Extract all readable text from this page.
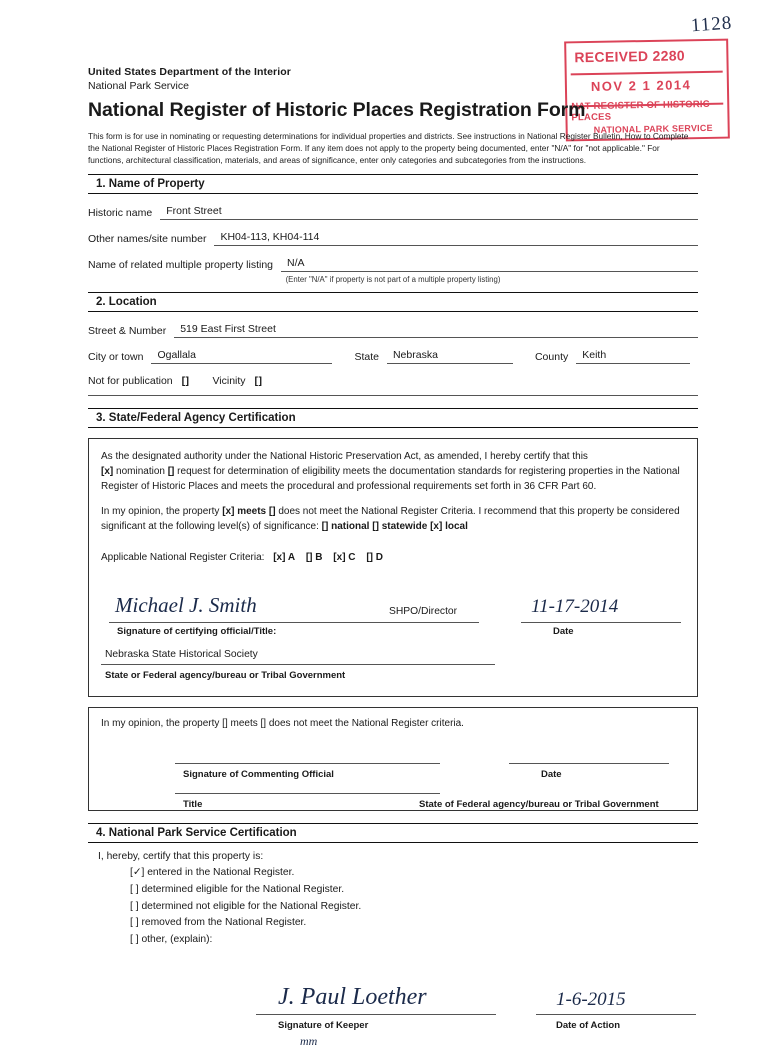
1128
RECEIVED 2280
NOV 2 1 2014
NAT REGISTER OF HISTORIC PLACES
NATIONAL PARK SERVICE
United States Department of the Interior
National Park Service
National Register of Historic Places Registration Form
This form is for use in nominating or requesting determinations for individual properties and districts. See instructions in National Register Bulletin, How to Complete the National Register of Historic Places Registration Form. If any item does not apply to the property being documented, enter "N/A" for "not applicable." For functions, architectural classification, materials, and areas of significance, enter only categories and subcategories from the instructions.
1. Name of Property
Historic name	Front Street
Other names/site number	KH04-113, KH04-114
Name of related multiple property listing	N/A
(Enter "N/A" if property is not part of a multiple property listing)
2. Location
Street & Number	519 East First Street
City or town	Ogallala	State	Nebraska	County	Keith
Not for publication [] Vicinity []
3. State/Federal Agency Certification

As the designated authority under the National Historic Preservation Act, as amended, I hereby certify that this
[x] nomination [] request for determination of eligibility meets the documentation standards for registering properties in the National Register of Historic Places and meets the procedural and professional requirements set forth in 36 CFR Part 60.

In my opinion, the property [x] meets [] does not meet the National Register Criteria. I recommend that this property be considered significant at the following level(s) of significance: [] national [] statewide [x] local

Applicable National Register Criteria: [x] A [] B [x] C [] D

Michael J. Smith	SHPO/Director
Signature of certifying official/Title:
11-17-2014
Date
Nebraska State Historical Society
State or Federal agency/bureau or Tribal Government
In my opinion, the property [] meets [] does not meet the National Register criteria.
Signature of Commenting Official	Date
Title	State of Federal agency/bureau or Tribal Government
4. National Park Service Certification
I, hereby, certify that this property is:
[✓] entered in the National Register.
[ ] determined eligible for the National Register.
[ ] determined not eligible for the National Register.
[ ] removed from the National Register.
[ ] other, (explain):
J. Paul Loether
Signature of Keeper
mm
1-6-2015
Date of Action
